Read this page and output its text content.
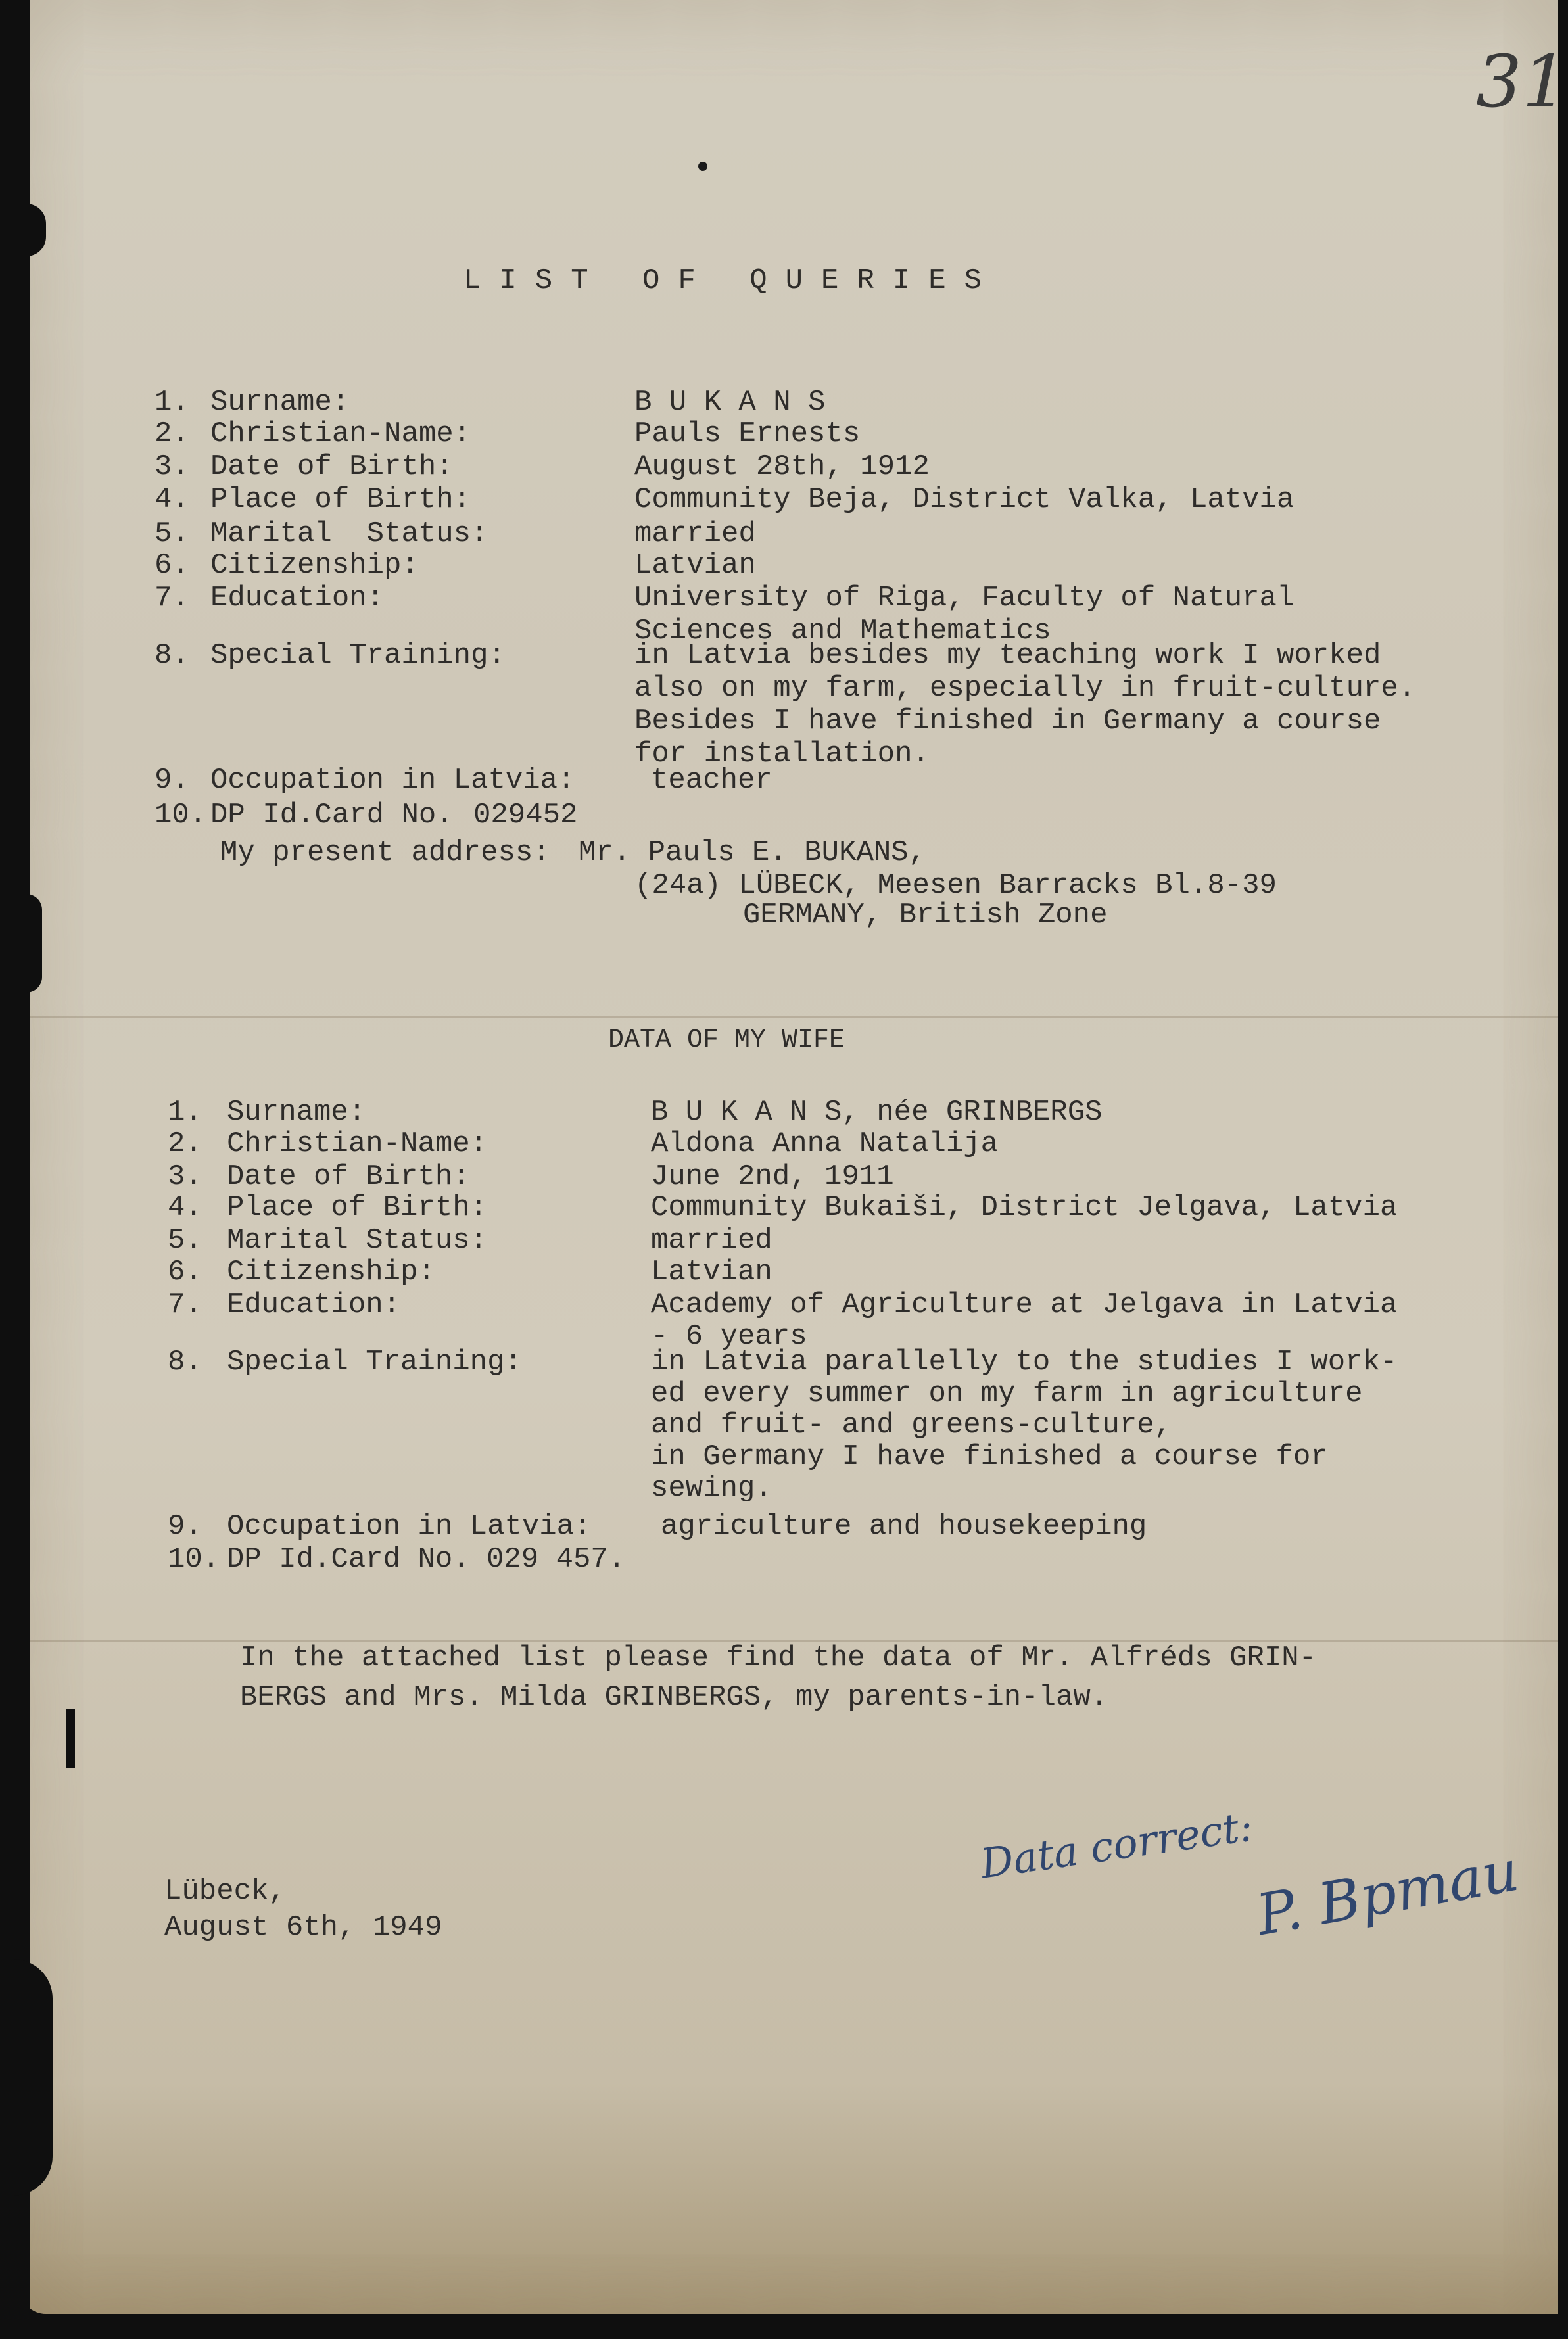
31
LIST OF QUERIES
1. Surname:	B U K A N S
2. Christian-Name:	Pauls Ernests
3. Date of Birth:	August 28th, 1912
4. Place of Birth:	Community Beja, District Valka, Latvia
5. Marital  Status:	married
6. Citizenship:	Latvian
7. Education:	University of Riga, Faculty of Natural
Sciences and Mathematics
8. Special Training:	in Latvia besides my teaching work I worked
also on my farm, especially in fruit-culture.
Besides I have finished in Germany a course
for installation.
9. Occupation in Latvia:	teacher
10. DP Id.Card No. 029452
My present address: Mr. Pauls E. BUKANS,
(24a) LÜBECK, Meesen Barracks Bl.8-39
GERMANY, British Zone
DATA OF MY WIFE
1. Surname:	B U K A N S, née GRINBERGS
2. Christian-Name:	Aldona Anna Natalija
3. Date of Birth:	June 2nd, 1911
4. Place of Birth:	Community Bukaiši, District Jelgava, Latvia
5. Marital Status:	married
6. Citizenship:	Latvian
7. Education:	Academy of Agriculture at Jelgava in Latvia
- 6 years
8. Special Training:	in Latvia parallelly to the studies I work-
ed every summer on my farm in agriculture
and fruit- and greens-culture,
in Germany I have finished a course for
sewing.
9. Occupation in Latvia: agriculture and housekeeping
10. DP Id.Card No. 029 457.
In the attached list please find the data of Mr. Alfréds GRIN-
BERGS and Mrs. Milda GRINBERGS, my parents-in-law.
Lübeck,
August 6th, 1949
Data correct:
P. Bpmau
